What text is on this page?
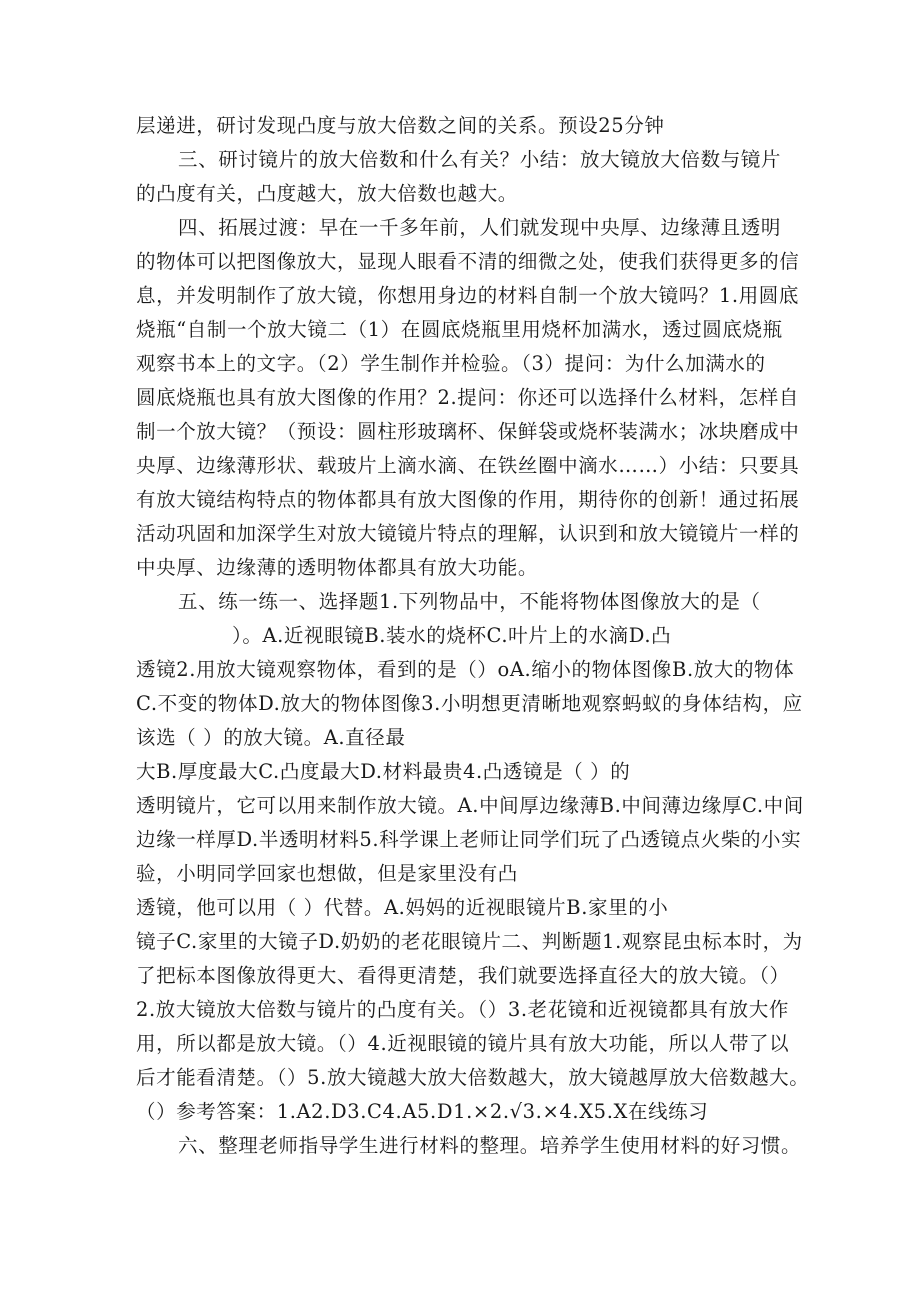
层递进，研讨发现凸度与放大倍数之间的关系。预设25分钟
三、研讨镜片的放大倍数和什么有关？小结：放大镜放大倍数与镜片
的凸度有关，凸度越大，放大倍数也越大。
四、拓展过渡：早在一千多年前，人们就发现中央厚、边缘薄且透明
的物体可以把图像放大，显现人眼看不清的细微之处，使我们获得更多的信
息，并发明制作了放大镜，你想用身边的材料自制一个放大镜吗？1.用圆底
烧瓶“自制一个放大镜二（1）在圆底烧瓶里用烧杯加满水，透过圆底烧瓶
观察书本上的文字。（2）学生制作并检验。（3）提问：为什么加满水的
圆底烧瓶也具有放大图像的作用？2.提问：你还可以选择什么材料，怎样自
制一个放大镜？（预设：圆柱形玻璃杯、保鲜袋或烧杯装满水；冰块磨成中
央厚、边缘薄形状、载玻片上滴水滴、在铁丝圈中滴水……）小结：只要具
有放大镜结构特点的物体都具有放大图像的作用，期待你的创新！通过拓展
活动巩固和加深学生对放大镜镜片特点的理解，认识到和放大镜镜片一样的
中央厚、边缘薄的透明物体都具有放大功能。
五、练一练一、选择题1.下列物品中，不能将物体图像放大的是（
）。A.近视眼镜B.装水的烧杯C.叶片上的水滴D.凸
透镜2.用放大镜观察物体，看到的是（）oA.缩小的物体图像B.放大的物体
C.不变的物体D.放大的物体图像3.小明想更清晰地观察蚂蚁的身体结构，应
该选（ ）的放大镜。A.直径最
大B.厚度最大C.凸度最大D.材料最贵4.凸透镜是（ ）的
透明镜片，它可以用来制作放大镜。A.中间厚边缘薄B.中间薄边缘厚C.中间
边缘一样厚D.半透明材料5.科学课上老师让同学们玩了凸透镜点火柴的小实
验，小明同学回家也想做，但是家里没有凸
透镜，他可以用（ ）代替。A.妈妈的近视眼镜片B.家里的小
镜子C.家里的大镜子D.奶奶的老花眼镜片二、判断题1.观察昆虫标本时，为
了把标本图像放得更大、看得更清楚，我们就要选择直径大的放大镜。（）
2.放大镜放大倍数与镜片的凸度有关。（）3.老花镜和近视镜都具有放大作
用，所以都是放大镜。（）4.近视眼镜的镜片具有放大功能，所以人带了以
后才能看清楚。（）5.放大镜越大放大倍数越大，放大镜越厚放大倍数越大。
（）参考答案：1.A2.D3.C4.A5.D1.×2.√3.×4.X5.X在线练习
六、整理老师指导学生进行材料的整理。培养学生使用材料的好习惯。
